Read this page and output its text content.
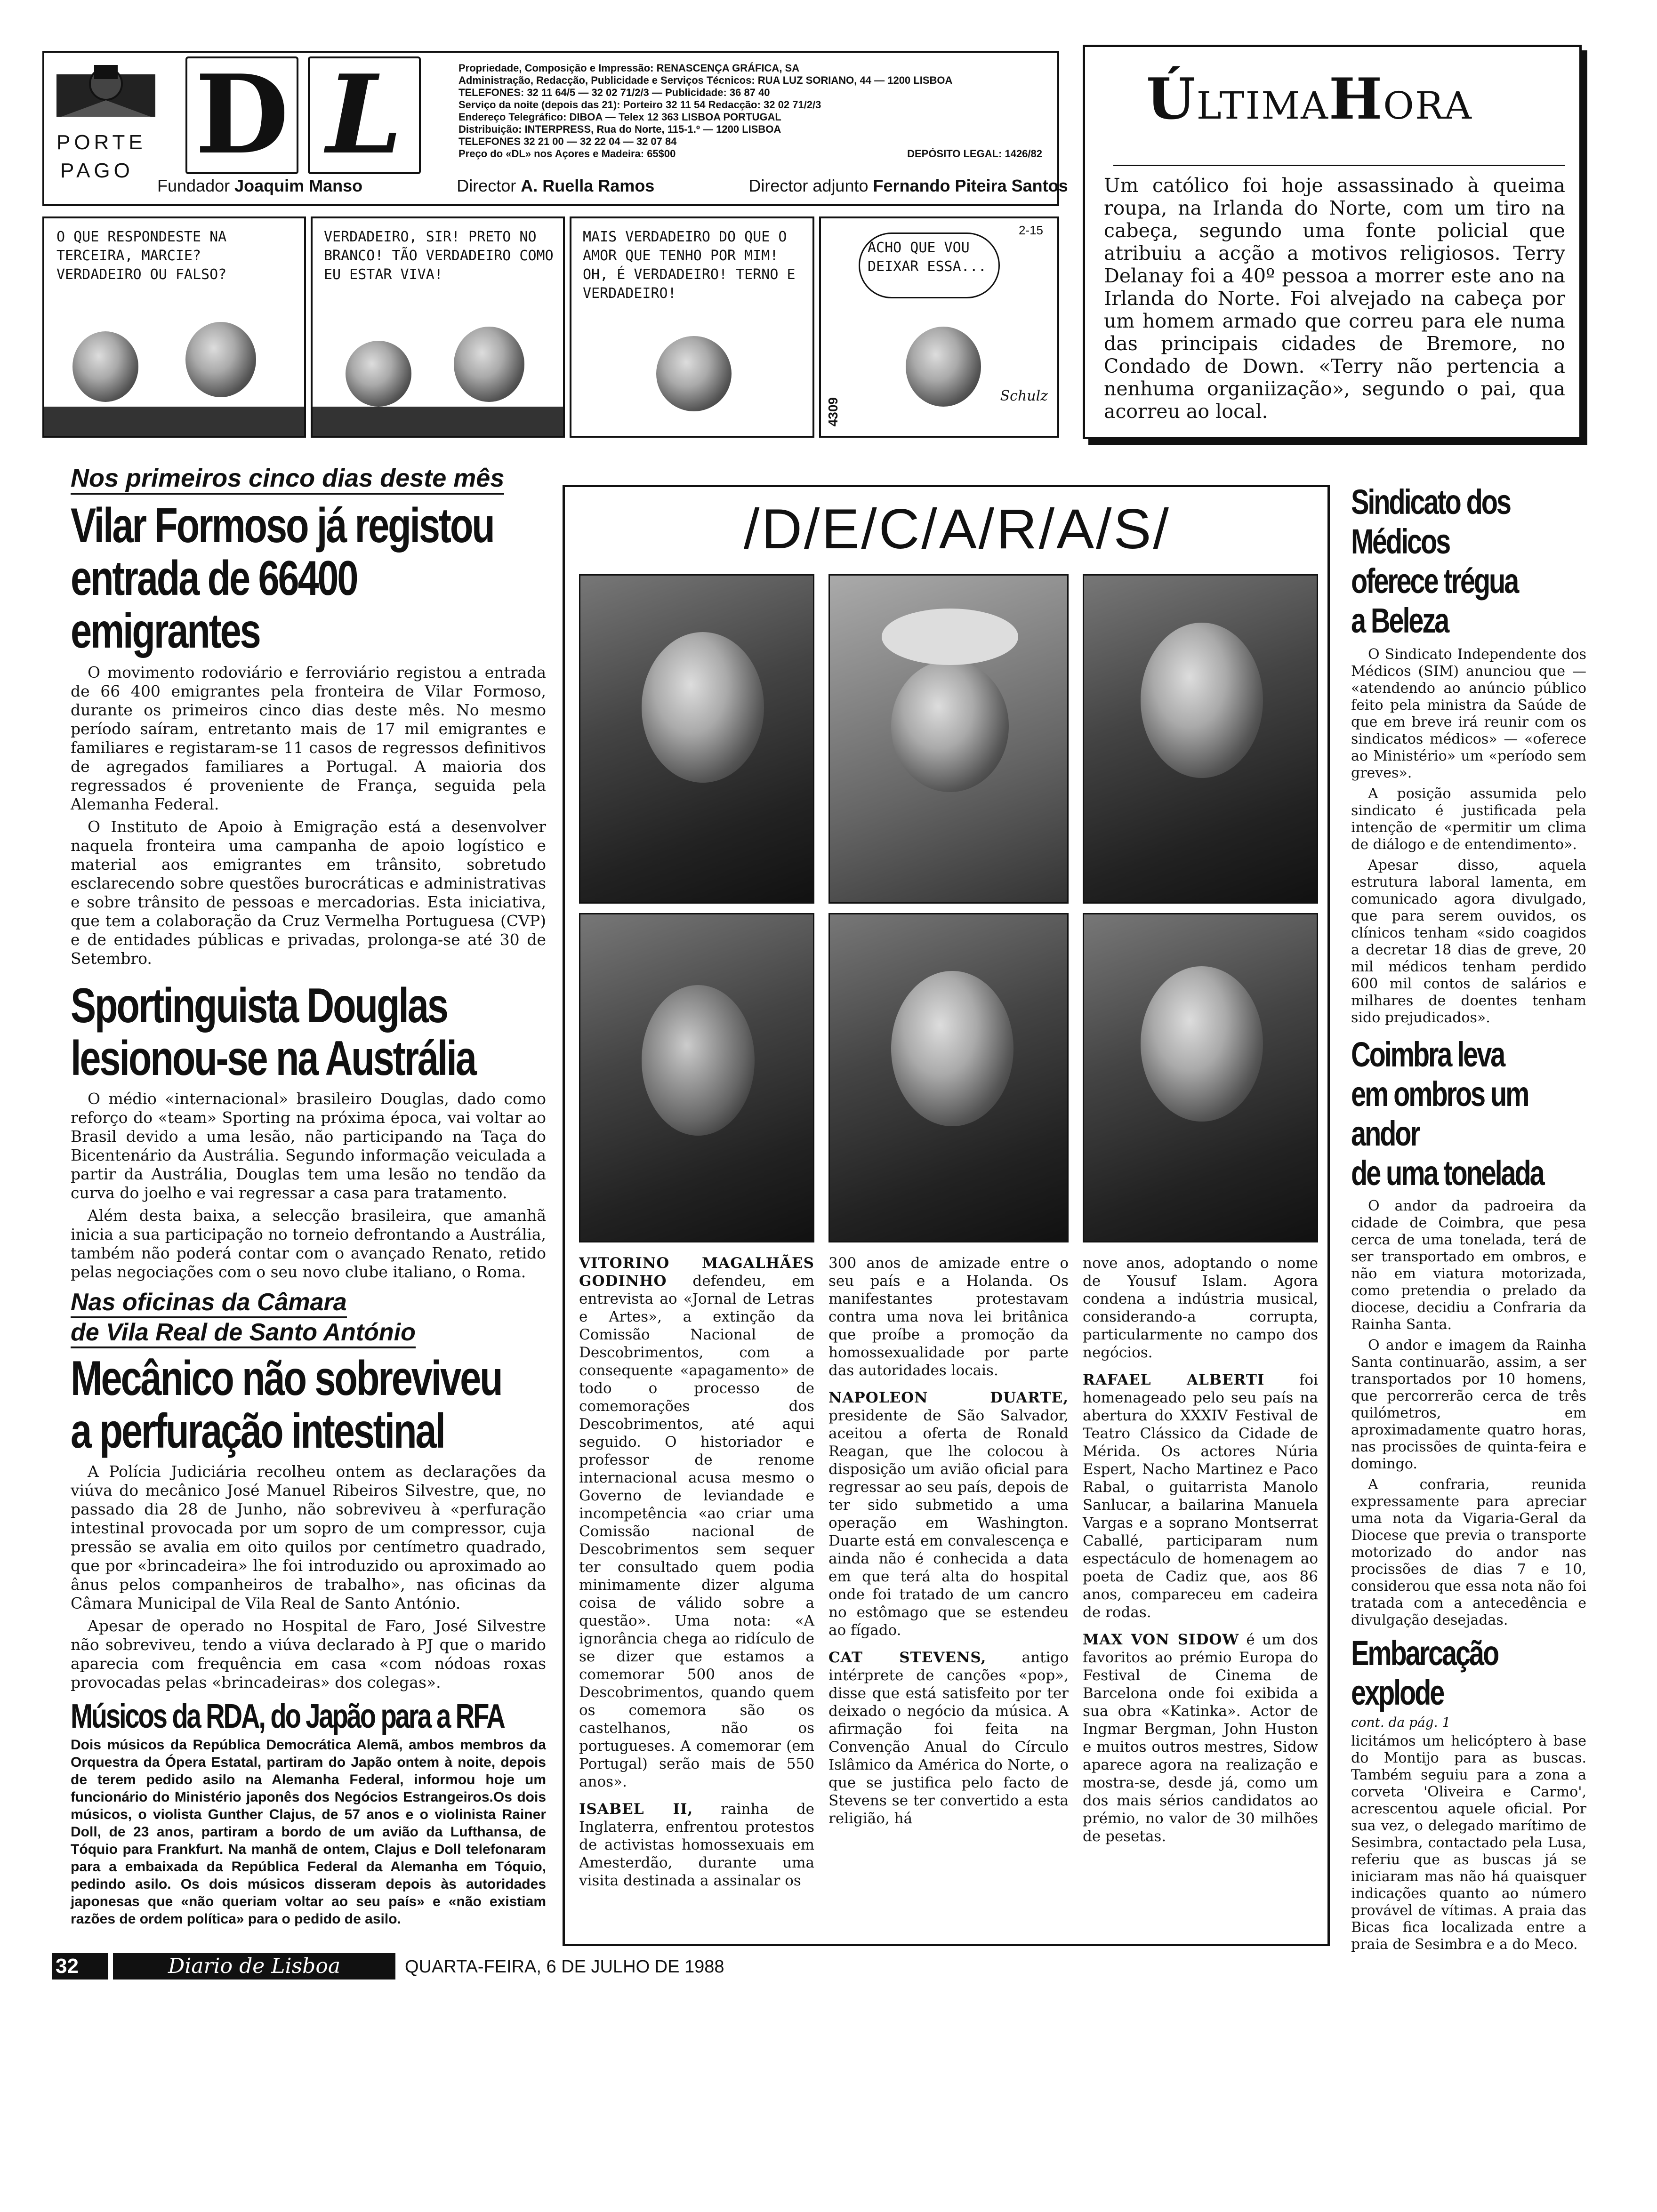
PORTE
PAGO D L	Propriedade, Composição e Impressão: RENASCENÇA GRÁFICA, SA
Administração, Redacção, Publicidade e Serviços Técnicos: RUA LUZ SORIANO, 44 — 1200 LISBOA
TELEFONES: 32 11 64/5 — 32 02 71/2/3 — Publicidade: 36 87 40
Serviço da noite (depois das 21): Porteiro 32 11 54 Redacção: 32 02 71/2/3
Endereço Telegráfico: DIBOA — Telex 12 363 LISBOA PORTUGAL
Distribuição: INTERPRESS, Rua do Norte, 115-1.º — 1200 LISBOA
TELEFONES 32 21 00 — 32 22 04 — 32 07 84
Preço do «DL» nos Açores e Madeira: 65$00	DEPÓSITO LEGAL: 1426/82
Fundador Joaquim Manso	Director A. Ruella Ramos	Director adjunto Fernando Piteira Santos
O QUE RESPONDESTE NA TERCEIRA, MARCIE? VERDADEIRO OU FALSO?
VERDADEIRO, SIR! PRETO NO BRANCO! TÃO VERDADEIRO COMO EU ESTAR VIVA!
MAIS VERDADEIRO DO QUE O AMOR QUE TENHO POR MIM! OH, É VERDADEIRO! TERNO E VERDADEIRO!
ACHO QUE VOU DEIXAR ESSA...
2-15
Schulz
4309
ÚLTIMAHORA
Um católico foi hoje assassinado à queima roupa, na Irlanda do Norte, com um tiro na cabeça, segundo uma fonte policial que atribuiu a acção a motivos religiosos. Terry Delanay foi a 40º pessoa a morrer este ano na Irlanda do Norte. Foi alvejado na cabeça por um homem armado que correu para ele numa das principais cidades de Bremore, no Condado de Down. «Terry não pertencia a nenhuma organiização», segundo o pai, qua acorreu ao local.
Nos primeiros cinco dias deste mês
Vilar Formoso já registou
entrada de 66400 emigrantes

O movimento rodoviário e ferroviário registou a entrada de 66 400 emigrantes pela fronteira de Vilar Formoso, durante os primeiros cinco dias deste mês. No mesmo período saíram, entretanto mais de 17 mil emigrantes e familiares e registaram-se 11 casos de regressos definitivos de agregados familiares a Portugal. A maioria dos regressados é proveniente de França, seguida pela Alemanha Federal.

O Instituto de Apoio à Emigração está a desenvolver naquela fronteira uma campanha de apoio logístico e material aos emigrantes em trânsito, sobretudo esclarecendo sobre questões burocráticas e administrativas e sobre trânsito de pessoas e mercadorias. Esta iniciativa, que tem a colaboração da Cruz Vermelha Portuguesa (CVP) e de entidades públicas e privadas, prolonga-se até 30 de Setembro.

Sportinguista Douglas
lesionou-se na Austrália

O médio «internacional» brasileiro Douglas, dado como reforço do «team» Sporting na próxima época, vai voltar ao Brasil devido a uma lesão, não participando na Taça do Bicentenário da Austrália. Segundo informação veiculada a partir da Austrália, Douglas tem uma lesão no tendão da curva do joelho e vai regressar a casa para tratamento.

Além desta baixa, a selecção brasileira, que amanhã inicia a sua participação no torneio defrontando a Austrália, também não poderá contar com o avançado Renato, retido pelas negociações com o seu novo clube italiano, o Roma.

Nas oficinas da Câmara
de Vila Real de Santo António
Mecânico não sobreviveu
a perfuração intestinal

A Polícia Judiciária recolheu ontem as declarações da viúva do mecânico José Manuel Ribeiros Silvestre, que, no passado dia 28 de Junho, não sobreviveu à «perfuração intestinal provocada por um sopro de um compressor, cuja pressão se avalia em oito quilos por centímetro quadrado, que por «brincadeira» lhe foi introduzido ou aproximado ao ânus pelos companheiros de trabalho», nas oficinas da Câmara Municipal de Vila Real de Santo António.

Apesar de operado no Hospital de Faro, José Silvestre não sobreviveu, tendo a viúva declarado à PJ que o marido aparecia com frequência em casa «com nódoas roxas provocadas pelas «brincadeiras» dos colegas».

Músicos da RDA, do Japão para a RFA

Dois músicos da República Democrática Alemã, ambos membros da Orquestra da Ópera Estatal, partiram do Japão ontem à noite, depois de terem pedido asilo na Alemanha Federal, informou hoje um funcionário do Ministério japonês dos Negócios Estrangeiros.Os dois músicos, o violista Gunther Clajus, de 57 anos e o violinista Rainer Doll, de 23 anos, partiram a bordo de um avião da Lufthansa, de Tóquio para Frankfurt. Na manhã de ontem, Clajus e Doll telefonaram para a embaixada da República Federal da Alemanha em Tóquio, pedindo asilo. Os dois músicos disseram depois às autoridades japonesas que «não queriam voltar ao seu país» e «não existiam razões de ordem política» para o pedido de asilo.

/D/E/C/A/R/A/S/

VITORINO MAGALHÃES GODINHO defendeu, em entrevista ao «Jornal de Letras e Artes», a extinção da Comissão Nacional de Descobrimentos, com a consequente «apagamento» de todo o processo de comemorações dos Descobrimentos, até aqui seguido. O historiador e professor de renome internacional acusa mesmo o Governo de leviandade e incompetência «ao criar uma Comissão nacional de Descobrimentos sem sequer ter consultado quem podia minimamente dizer alguma coisa de válido sobre a questão». Uma nota: «A ignorância chega ao ridículo de se dizer que estamos a comemorar 500 anos de Descobrimentos, quando quem os comemora são os castelhanos, não os portugueses. A comemorar (em Portugal) serão mais de 550 anos».

ISABEL II, rainha de Inglaterra, enfrentou protestos de activistas homossexuais em Amesterdão, durante uma visita destinada a assinalar os

300 anos de amizade entre o seu país e a Holanda. Os manifestantes protestavam contra uma nova lei britânica que proíbe a promoção da homossexualidade por parte das autoridades locais.

NAPOLEON DUARTE, presidente de São Salvador, aceitou a oferta de Ronald Reagan, que lhe colocou à disposição um avião oficial para regressar ao seu país, depois de ter sido submetido a uma operação em Washington. Duarte está em convalescença e ainda não é conhecida a data em que terá alta do hospital onde foi tratado de um cancro no estômago que se estendeu ao fígado.

CAT STEVENS, antigo intérprete de canções «pop», disse que está satisfeito por ter deixado o negócio da música. A afirmação foi feita na Convenção Anual do Círculo Islâmico da América do Norte, o que se justifica pelo facto de Stevens se ter convertido a esta religião, há

nove anos, adoptando o nome de Yousuf Islam. Agora condena a indústria musical, considerando-a corrupta, particularmente no campo dos negócios.

RAFAEL ALBERTI foi homenageado pelo seu país na abertura do XXXIV Festival de Teatro Clássico da Cidade de Mérida. Os actores Núria Espert, Nacho Martinez e Paco Rabal, o guitarrista Manolo Sanlucar, a bailarina Manuela Vargas e a soprano Montserrat Caballé, participaram num espectáculo de homenagem ao poeta de Cadiz que, aos 86 anos, compareceu em cadeira de rodas.

MAX VON SIDOW é um dos favoritos ao prémio Europa do Festival de Cinema de Barcelona onde foi exibida a sua obra «Katinka». Actor de Ingmar Bergman, John Huston e muitos outros mestres, Sidow aparece agora na realização e mostra-se, desde já, como um dos mais sérios candidatos ao prémio, no valor de 30 milhões de pesetas.

Sindicato dos Médicos
oferece trégua
a Beleza

O Sindicato Independente dos Médicos (SIM) anunciou que — «atendendo ao anúncio público feito pela ministra da Saúde de que em breve irá reunir com os sindicatos médicos» — «oferece ao Ministério» um «período sem greves».

A posição assumida pelo sindicato é justificada pela intenção de «permitir um clima de diálogo e de entendimento».

Apesar disso, aquela estrutura laboral lamenta, em comunicado agora divulgado, que para serem ouvidos, os clínicos tenham «sido coagidos a decretar 18 dias de greve, 20 mil médicos tenham perdido 600 mil contos de salários e milhares de doentes tenham sido prejudicados».

Coimbra leva
em ombros um andor
de uma tonelada

O andor da padroeira da cidade de Coimbra, que pesa cerca de uma tonelada, terá de ser transportado em ombros, e não em viatura motorizada, como pretendia o prelado da diocese, decidiu a Confraria da Rainha Santa.

O andor e imagem da Rainha Santa continuarão, assim, a ser transportados por 10 homens, que percorrerão cerca de três quilómetros, em aproximadamente quatro horas, nas procissões de quinta-feira e domingo.

A confraria, reunida expressamente para apreciar uma nota da Vigaria-Geral da Diocese que previa o transporte motorizado do andor nas procissões de dias 7 e 10, considerou que essa nota não foi tratada com a antecedência e divulgação desejadas.

Embarcação explode
cont. da pág. 1

licitámos um helicóptero à base do Montijo para as buscas. Também seguiu para a zona a corveta 'Oliveira e Carmo', acrescentou aquele oficial. Por sua vez, o delegado marítimo de Sesimbra, contactado pela Lusa, referiu que as buscas já se iniciaram mas não há quaisquer indicações quanto ao número provável de vítimas. A praia das Bicas fica localizada entre a praia de Sesimbra e a do Meco.

32	Diario de Lisboa	QUARTA-FEIRA, 6 DE JULHO DE 1988
